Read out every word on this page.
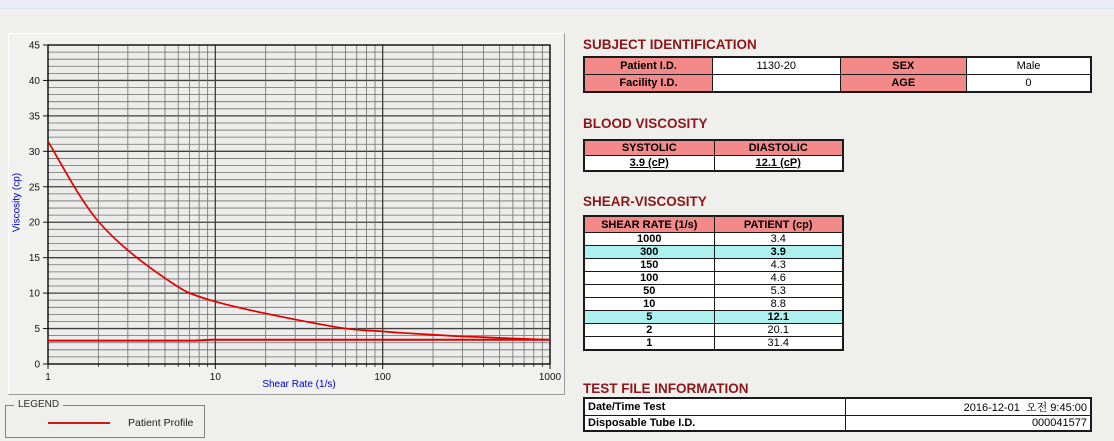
0
5
10
15
20
25
30
35
40
45
1	10	100	1000
Viscosity (cp)
Shear Rate (1/s)
LEGEND
Patient Profile
SUBJECT IDENTIFICATION
Patient I.D.	1130-20	SEX	Male
Facility I.D.		AGE	0
BLOOD VISCOSITY
SYSTOLIC	DIASTOLIC
3.9 (cP)	12.1 (cP)
SHEAR-VISCOSITY
SHEAR RATE (1/s)	PATIENT (cp)
1000	3.4
300	3.9
150	4.3
100	4.6
50	5.3
10	8.8
5	12.1
2	20.1
1	31.4
TEST FILE INFORMATION
Date/Time Test	2016-12-01  오전 9:45:00
Disposable Tube I.D.	000041577
